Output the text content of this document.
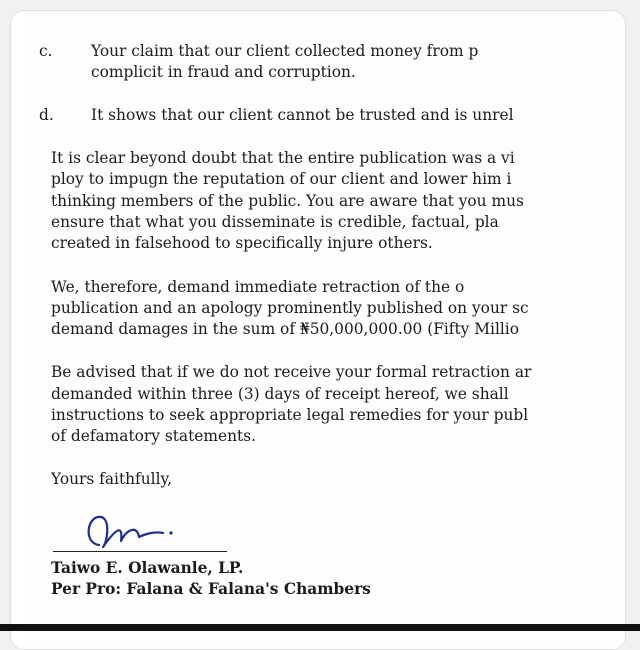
c. Your claim that our client collected money from p
complicit in fraud and corruption.
d. It shows that our client cannot be trusted and is unrel
It is clear beyond doubt that the entire publication was a vi
ploy to impugn the reputation of our client and lower him i
thinking members of the public. You are aware that you mus
ensure that what you disseminate is credible, factual, pla
created in falsehood to specifically injure others.
We, therefore, demand immediate retraction of the o
publication and an apology prominently published on your sc
demand damages in the sum of ₦50,000,000.00 (Fifty Millio
Be advised that if we do not receive your formal retraction ar
demanded within three (3) days of receipt hereof, we shall
instructions to seek appropriate legal remedies for your publ
of defamatory statements.
Yours faithfully,
Taiwo E. Olawanle, LP.
Per Pro: Falana & Falana's Chambers
